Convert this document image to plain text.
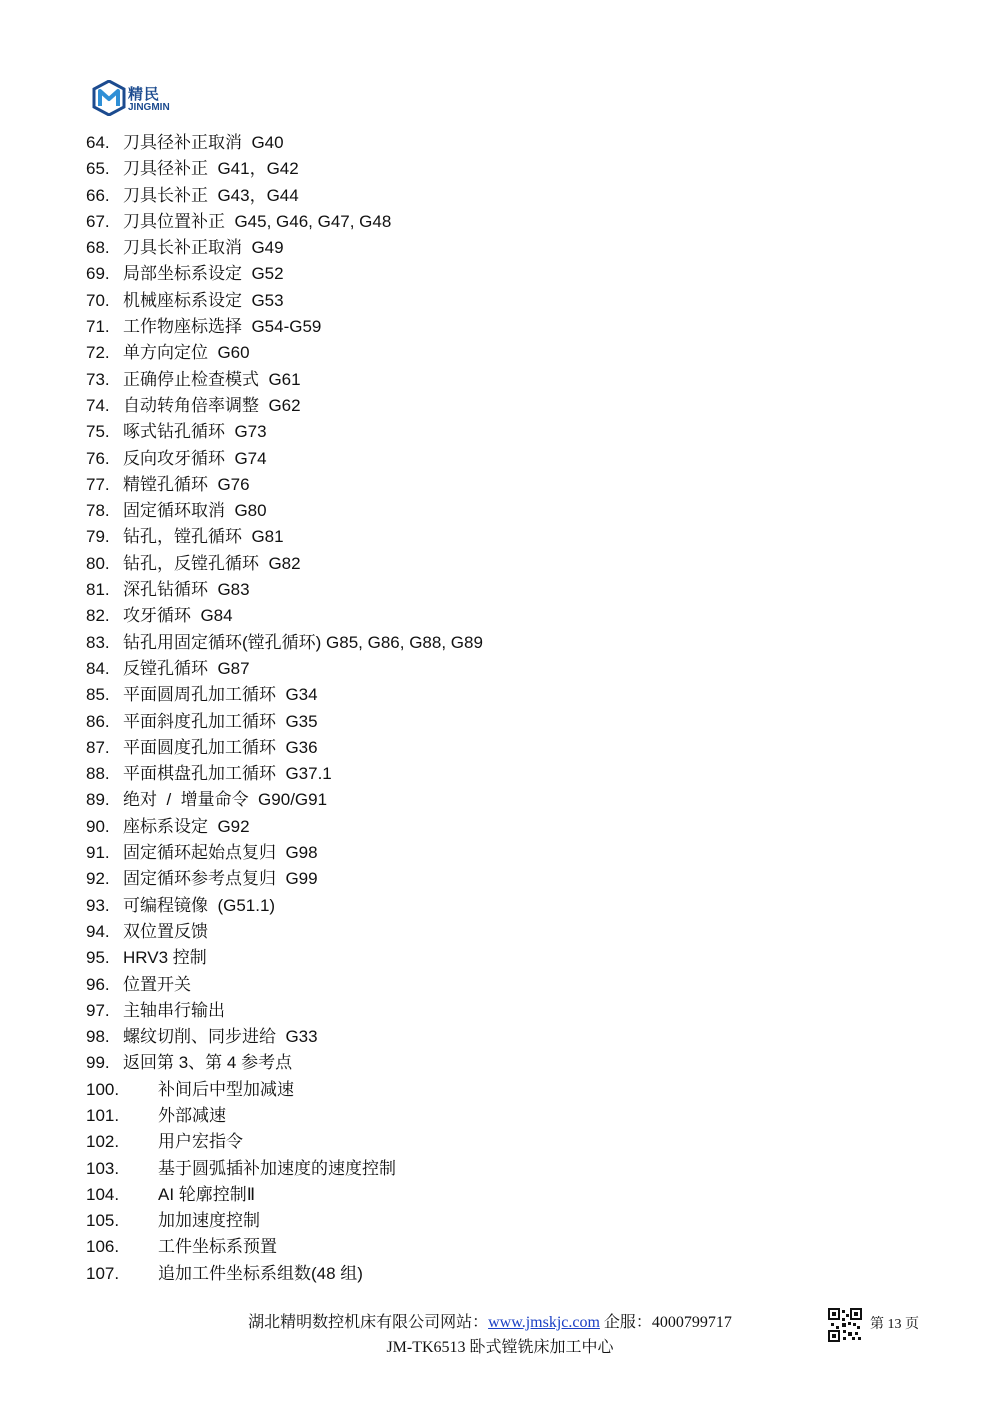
精民
JINGMIN
64. 刀具径补正取消  G40
65. 刀具径补正  G41，G42
66. 刀具长补正  G43，G44
67. 刀具位置补正  G45, G46, G47, G48
68. 刀具长补正取消  G49
69. 局部坐标系设定  G52
70. 机械座标系设定  G53
71. 工作物座标选择  G54-G59
72. 单方向定位  G60
73. 正确停止检查模式  G61
74. 自动转角倍率调整  G62
75. 啄式钻孔循环  G73
76. 反向攻牙循环  G74
77. 精镗孔循环  G76
78. 固定循环取消  G80
79. 钻孔，镗孔循环  G81
80. 钻孔，反镗孔循环  G82
81. 深孔钻循环  G83
82. 攻牙循环  G84
83. 钻孔用固定循环(镗孔循环) G85, G86, G88, G89
84. 反镗孔循环  G87
85. 平面圆周孔加工循环  G34
86. 平面斜度孔加工循环  G35
87. 平面圆度孔加工循环  G36
88. 平面棋盘孔加工循环  G37.1
89. 绝对  /  增量命令  G90/G91
90. 座标系设定  G92
91. 固定循环起始点复归  G98
92. 固定循环参考点复归  G99
93. 可编程镜像  (G51.1)
94. 双位置反馈
95. HRV3 控制
96. 位置开关
97. 主轴串行输出
98. 螺纹切削、同步进给  G33
99. 返回第 3、第 4 参考点
100. 补间后中型加减速
101. 外部减速
102. 用户宏指令
103. 基于圆弧插补加速度的速度控制
104. AI 轮廓控制Ⅱ
105. 加加速度控制
106. 工件坐标系预置
107. 追加工件坐标系组数(48 组)
湖北精明数控机床有限公司网站：www.jmskjc.com 企服：4000799717	第 13 页
JM-TK6513 卧式镗铣床加工中心
